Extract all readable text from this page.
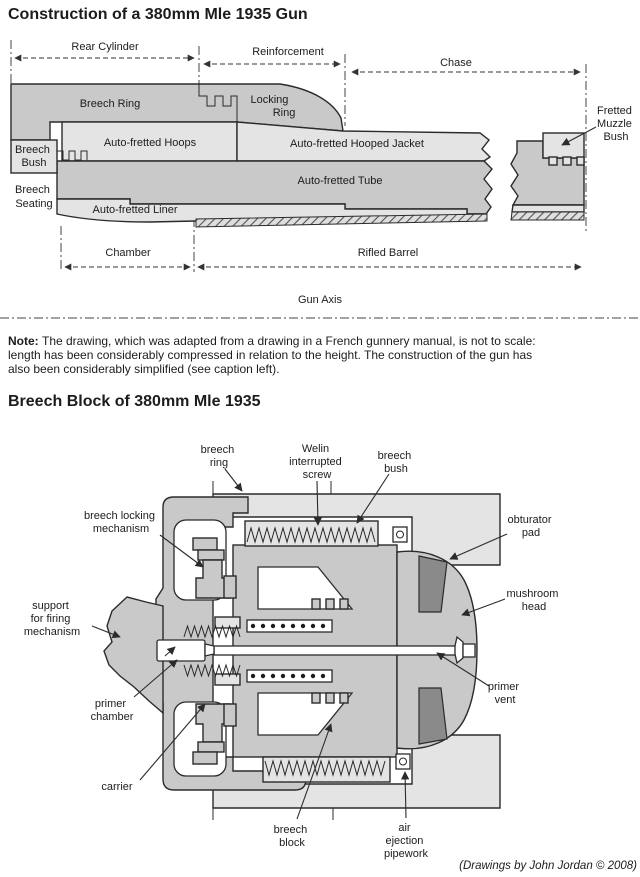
Construction of a 380mm Mle 1935 Gun
Rear Cylinder	Reinforcement
Chase
Breech Ring	Locking Ring
Auto-fretted Hoops	Auto-fretted Hooped Jacket
Breech Bush
Auto-fretted Tube
Breech Seating	Auto-fretted Liner
Fretted Muzzle Bush
Chamber	Rifled Barrel
Gun Axis
Note: The drawing, which was adapted from a drawing in a French gunnery manual, is not to scale:
length has been considerably compressed in relation to the height. The construction of the gun has
also been considerably simplified (see caption left).
Breech Block of 380mm Mle 1935
breech ring
Welin interrupted screw
breech bush
obturator pad
mushroom head
primer vent
breech locking mechanism
support for firing mechanism
primer chamber
carrier
breech block
air ejection pipework
(Drawings by John Jordan © 2008)
